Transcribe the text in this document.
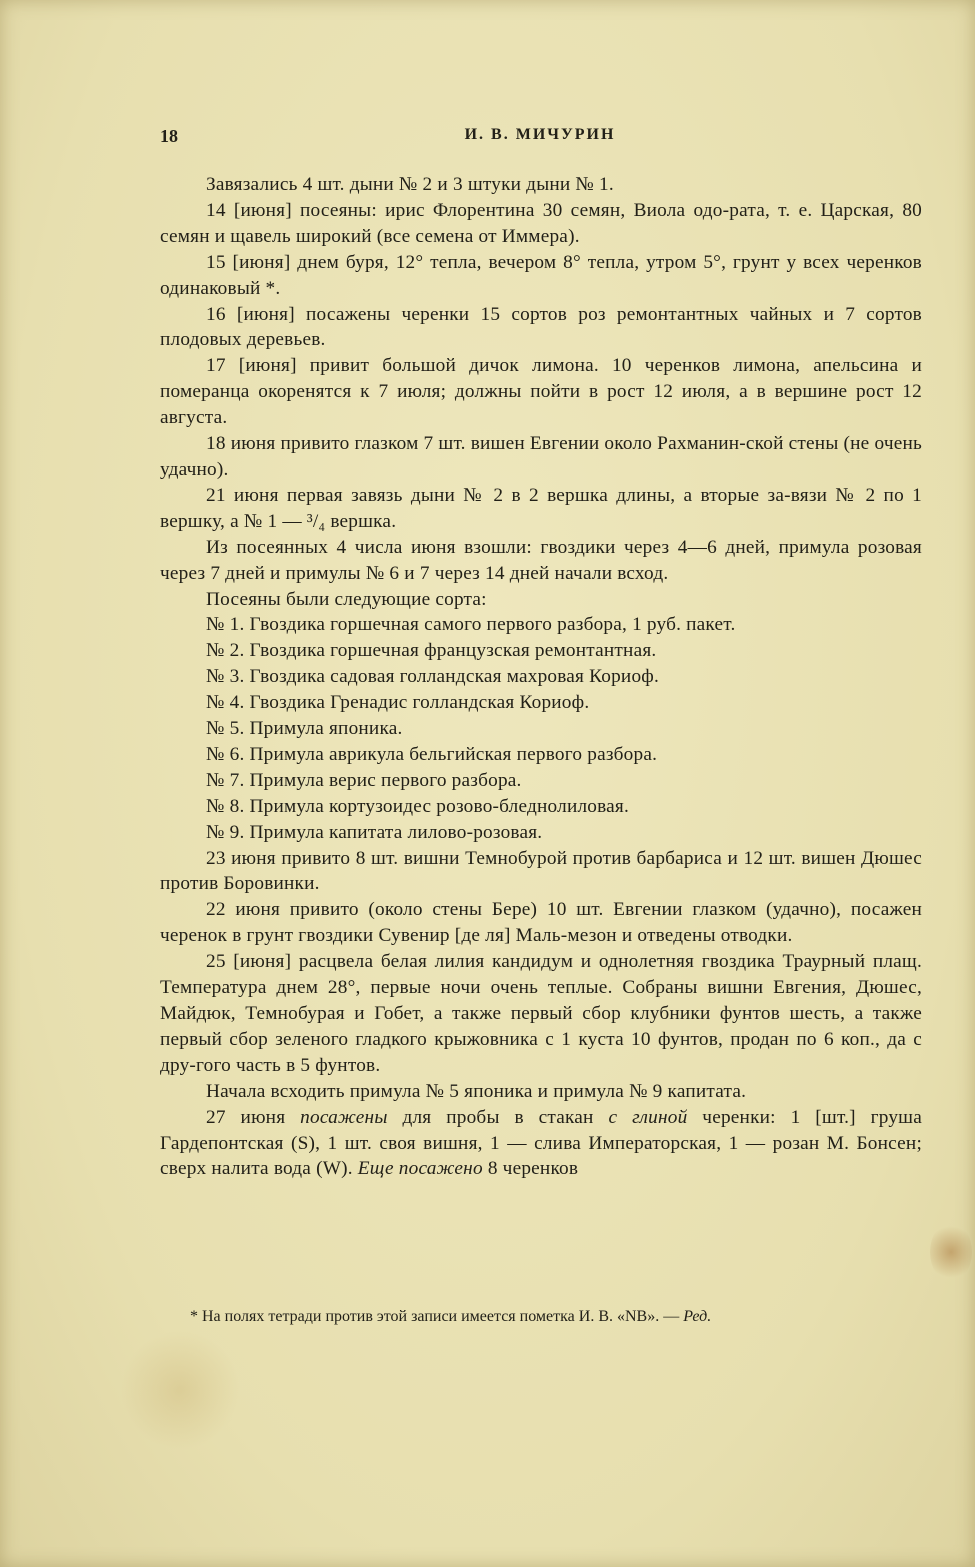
18	И. В. МИЧУРИН

Завязались 4 шт. дыни № 2 и 3 штуки дыни № 1.

14 [июня] посеяны: ирис Флорентина 30 семян, Виола одо-рата, т. е. Царская, 80 семян и щавель широкий (все семена от Иммера).

15 [июня] днем буря, 12° тепла, вечером 8° тепла, утром 5°, грунт у всех черенков одинаковый *.

16 [июня] посажены черенки 15 сортов роз ремонтантных чайных и 7 сортов плодовых деревьев.

17 [июня] привит большой дичок лимона. 10 черенков лимона, апельсина и померанца окоренятся к 7 июля; должны пойти в рост 12 июля, а в вершине рост 12 августа.

18 июня привито глазком 7 шт. вишен Евгении около Рахманин-ской стены (не очень удачно).

21 июня первая завязь дыни № 2 в 2 вершка длины, а вторые за-вязи № 2 по 1 вершку, а № 1 — ³/₄ вершка.

Из посеянных 4 числа июня взошли: гвоздики через 4—6 дней, примула розовая через 7 дней и примулы № 6 и 7 через 14 дней начали всход.

Посеяны были следующие сорта:

№ 1. Гвоздика горшечная самого первого разбора, 1 руб. пакет.
№ 2. Гвоздика горшечная французская ремонтантная.
№ 3. Гвоздика садовая голландская махровая Кориоф.
№ 4. Гвоздика Гренадис голландская Кориоф.
№ 5. Примула японика.
№ 6. Примула аврикула бельгийская первого разбора.
№ 7. Примула верис первого разбора.
№ 8. Примула кортузоидес розово-бледнолиловая.
№ 9. Примула капитата лилово-розовая.

23 июня привито 8 шт. вишни Темнобурой против барбариса и 12 шт. вишен Дюшес против Боровинки.

22 июня привито (около стены Бере) 10 шт. Евгении глазком (удачно), посажен черенок в грунт гвоздики Сувенир [де ля] Маль-мезон и отведены отводки.

25 [июня] расцвела белая лилия кандидум и однолетняя гвоздика Траурный плащ. Температура днем 28°, первые ночи очень теплые. Собраны вишни Евгения, Дюшес, Майдюк, Темнобурая и Гобет, а также первый сбор клубники фунтов шесть, а также первый сбор зеленого гладкого крыжовника с 1 куста 10 фунтов, продан по 6 коп., да с дру-гого часть в 5 фунтов.

Начала всходить примула № 5 японика и примула № 9 капитата.

27 июня посажены для пробы в стакан с глиной черенки: 1 [шт.] груша Гардепонтская (S), 1 шт. своя вишня, 1 — слива Императорская, 1 — розан М. Бонсен; сверх налита вода (W). Еще посажено 8 черенков

* На полях тетради против этой записи имеется пометка И. В. «NB». — Ред.
